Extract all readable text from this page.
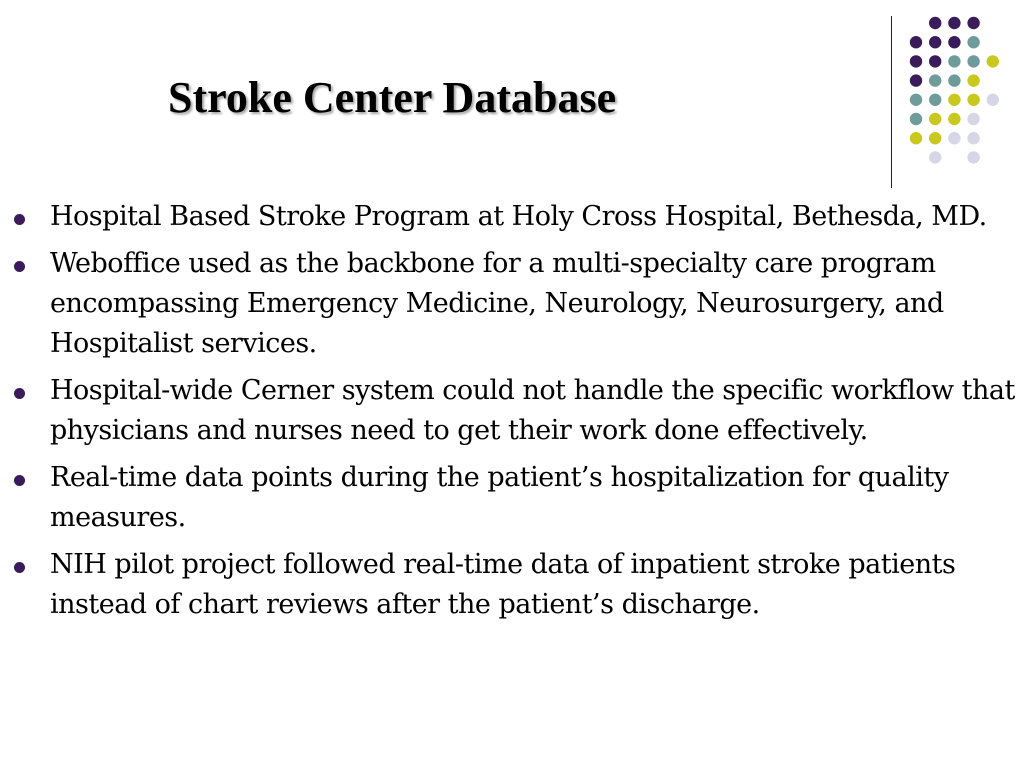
Stroke Center Database
Hospital Based Stroke Program at Holy Cross Hospital, Bethesda, MD.
Weboffice used as the backbone for a multi-specialty care program encompassing Emergency Medicine, Neurology, Neurosurgery, and Hospitalist services.
Hospital-wide Cerner system could not handle the specific workflow that physicians and nurses need to get their work done effectively.
Real-time data points during the patient’s hospitalization for quality measures.
NIH pilot project followed real-time data of inpatient stroke patients instead of chart reviews after the patient’s discharge.
